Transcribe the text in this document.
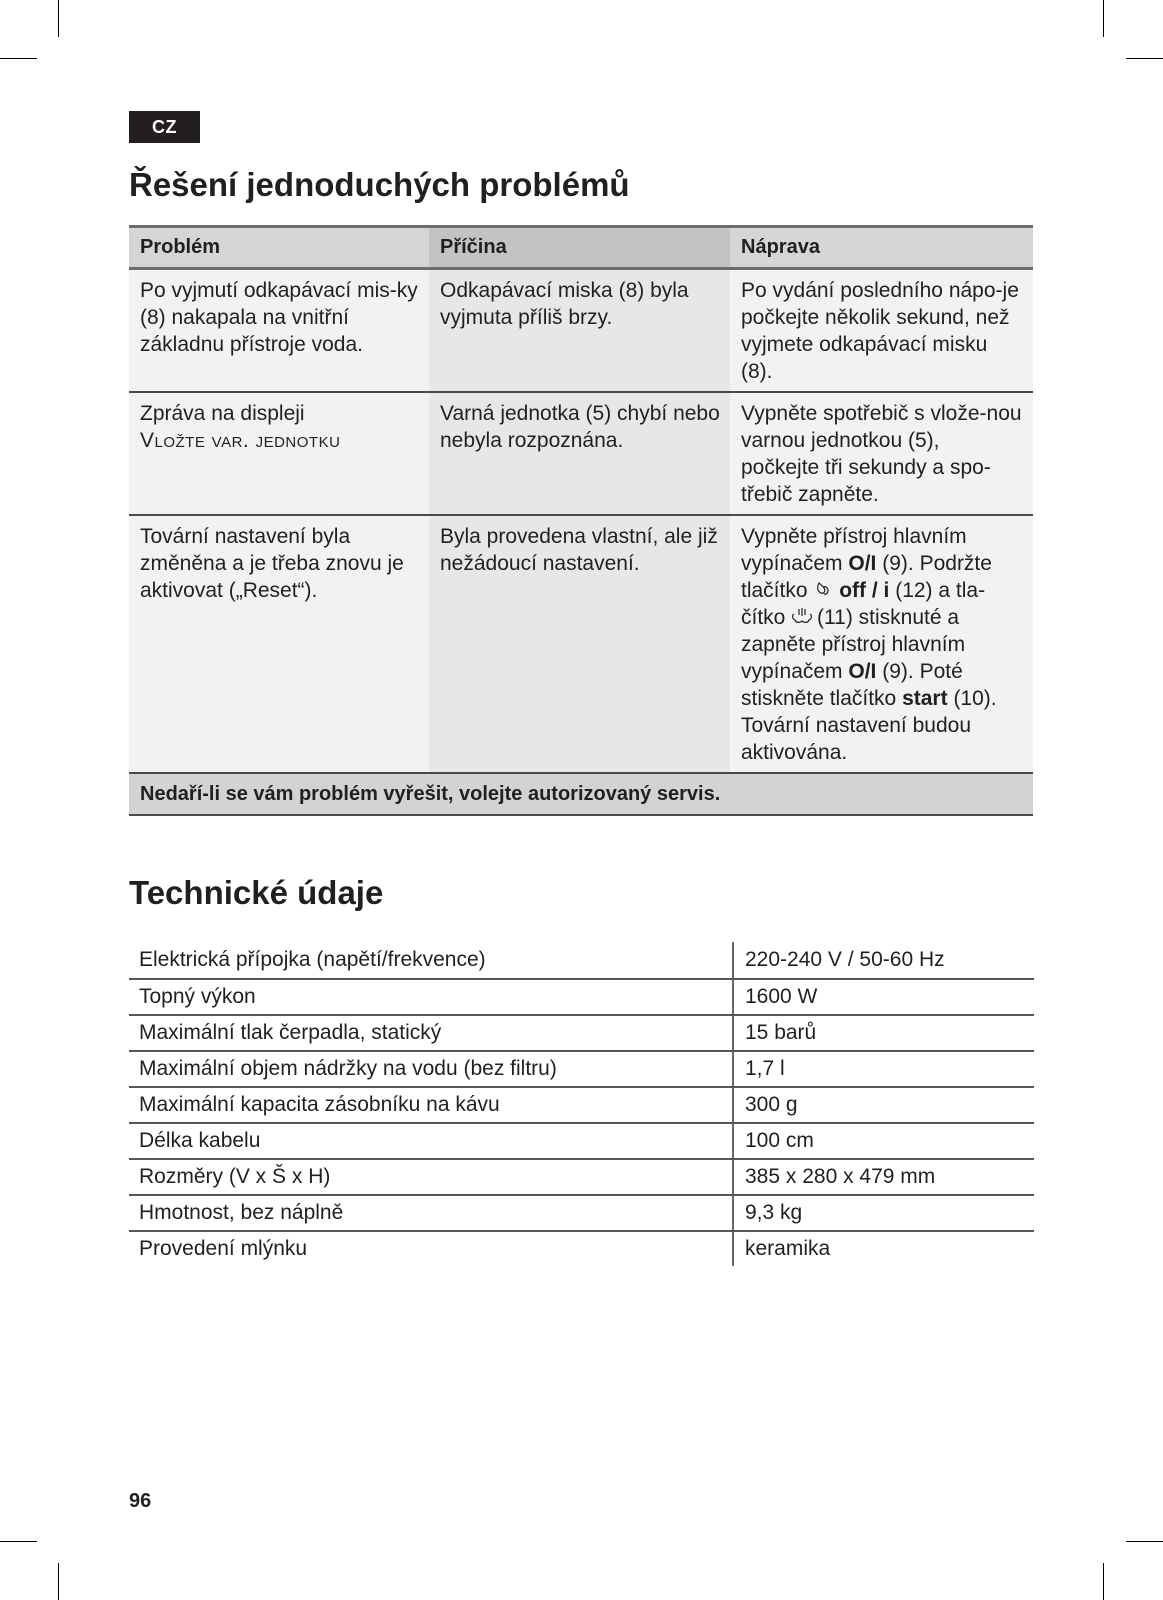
CZ
Řešení jednoduchých problémů
Problém	Příčina	Náprava
Po vyjmutí odkapávací mis-ky (8) nakapala na vnitřní základnu přístroje voda.	Odkapávací miska (8) byla vyjmuta příliš brzy.	Po vydání posledního nápo-je počkejte několik sekund, než vyjmete odkapávací misku (8).
Zpráva na displeji
Vložte var. jednotku	Varná jednotka (5) chybí nebo nebyla rozpoznána.	Vypněte spotřebič s vlože-nou varnou jednotkou (5), počkejte tři sekundy a spo-třebič zapněte.
Tovární nastavení byla změněna a je třeba znovu je aktivovat („Reset“).	Byla provedena vlastní, ale již nežádoucí nastavení.	Vypněte přístroj hlavním vypínačem O/I (9). Podržte tlačítko  off / i (12) a tla-čítko  (11) stisknuté a zapněte přístroj hlavním vypínačem O/I (9). Poté stiskněte tlačítko start (10). Tovární nastavení budou aktivována.
Nedaří-li se vám problém vyřešit, volejte autorizovaný servis.		
Technické údaje
Elektrická přípojka (napětí/frekvence)	220-240 V / 50-60 Hz
Topný výkon	1600 W
Maximální tlak čerpadla, statický	15 barů
Maximální objem nádržky na vodu (bez filtru)	1,7 l
Maximální kapacita zásobníku na kávu	300 g
Délka kabelu	100 cm
Rozměry (V x Š x H)	385 x 280 x 479 mm
Hmotnost, bez náplně	9,3 kg
Provedení mlýnku	keramika
96
